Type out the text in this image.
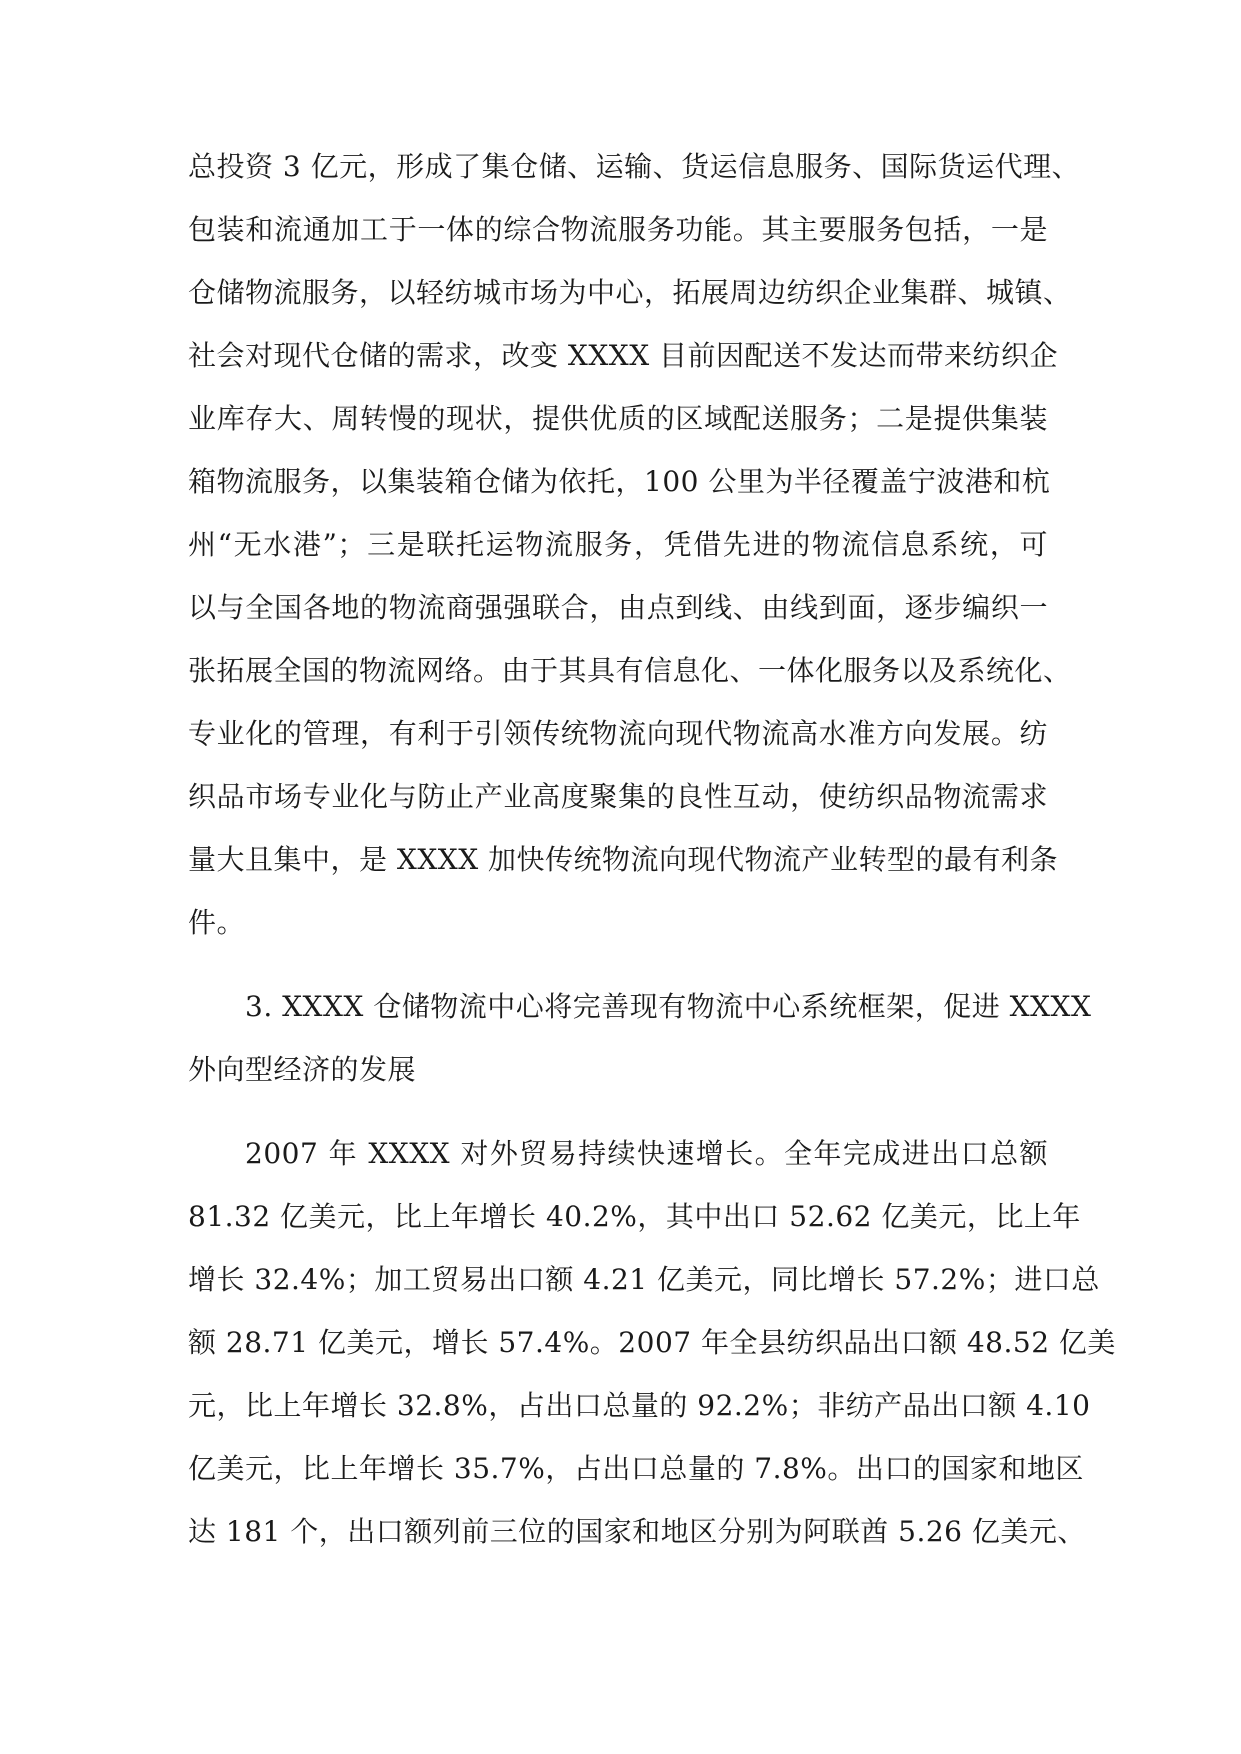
总投资 3 亿元，形成了集仓储、运输、货运信息服务、国际货运代理、
包装和流通加工于一体的综合物流服务功能。其主要服务包括，一是
仓储物流服务，以轻纺城市场为中心，拓展周边纺织企业集群、城镇、
社会对现代仓储的需求，改变 XXXX 目前因配送不发达而带来纺织企
业库存大、周转慢的现状，提供优质的区域配送服务；二是提供集装
箱物流服务，以集装箱仓储为依托，100 公里为半径覆盖宁波港和杭
州“无水港”；三是联托运物流服务，凭借先进的物流信息系统，可
以与全国各地的物流商强强联合，由点到线、由线到面，逐步编织一
张拓展全国的物流网络。由于其具有信息化、一体化服务以及系统化、
专业化的管理，有利于引领传统物流向现代物流高水准方向发展。纺
织品市场专业化与防止产业高度聚集的良性互动，使纺织品物流需求
量大且集中，是 XXXX 加快传统物流向现代物流产业转型的最有利条
件。
3. XXXX 仓储物流中心将完善现有物流中心系统框架，促进 XXXX
外向型经济的发展
2007 年 XXXX 对外贸易持续快速增长。全年完成进出口总额
81.32 亿美元，比上年增长 40.2%，其中出口 52.62 亿美元，比上年
增长 32.4%；加工贸易出口额 4.21 亿美元，同比增长 57.2%；进口总
额 28.71 亿美元，增长 57.4%。2007 年全县纺织品出口额 48.52 亿美
元，比上年增长 32.8%，占出口总量的 92.2%；非纺产品出口额 4.10
亿美元，比上年增长 35.7%，占出口总量的 7.8%。出口的国家和地区
达 181 个，出口额列前三位的国家和地区分别为阿联酋 5.26 亿美元、
